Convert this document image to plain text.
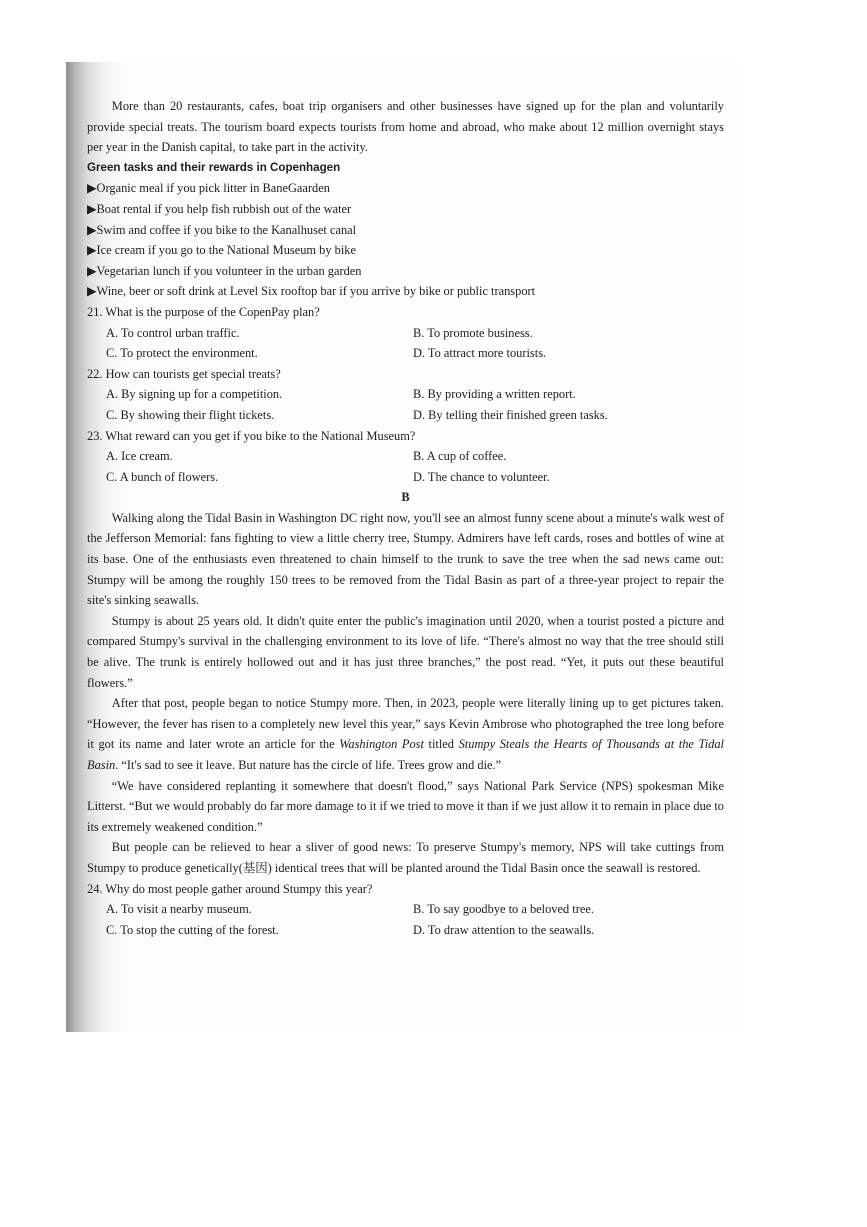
More than 20 restaurants, cafes, boat trip organisers and other businesses have signed up for the plan and voluntarily provide special treats. The tourism board expects tourists from home and abroad, who make about 12 million overnight stays per year in the Danish capital, to take part in the activity.

Green tasks and their rewards in Copenhagen

▶Organic meal if you pick litter in BaneGaarden

▶Boat rental if you help fish rubbish out of the water

▶Swim and coffee if you bike to the Kanalhuset canal

▶Ice cream if you go to the National Museum by bike

▶Vegetarian lunch if you volunteer in the urban garden

▶Wine, beer or soft drink at Level Six rooftop bar if you arrive by bike or public transport

21. What is the purpose of the CopenPay plan?

A. To control urban traffic.	B. To promote business.
C. To protect the environment.	D. To attract more tourists.

22. How can tourists get special treats?

A. By signing up for a competition.	B. By providing a written report.
C. By showing their flight tickets.	D. By telling their finished green tasks.

23. What reward can you get if you bike to the National Museum?

A. Ice cream.	B. A cup of coffee.
C. A bunch of flowers.	D. The chance to volunteer.

B

Walking along the Tidal Basin in Washington DC right now, you'll see an almost funny scene about a minute's walk west of the Jefferson Memorial: fans fighting to view a little cherry tree, Stumpy. Admirers have left cards, roses and bottles of wine at its base. One of the enthusiasts even threatened to chain himself to the trunk to save the tree when the sad news came out: Stumpy will be among the roughly 150 trees to be removed from the Tidal Basin as part of a three-year project to repair the site's sinking seawalls.

Stumpy is about 25 years old. It didn't quite enter the public's imagination until 2020, when a tourist posted a picture and compared Stumpy's survival in the challenging environment to its love of life. “There's almost no way that the tree should still be alive. The trunk is entirely hollowed out and it has just three branches,” the post read. “Yet, it puts out these beautiful flowers.”

After that post, people began to notice Stumpy more. Then, in 2023, people were literally lining up to get pictures taken. “However, the fever has risen to a completely new level this year,” says Kevin Ambrose who photographed the tree long before it got its name and later wrote an article for the Washington Post titled Stumpy Steals the Hearts of Thousands at the Tidal Basin. “It's sad to see it leave. But nature has the circle of life. Trees grow and die.”

“We have considered replanting it somewhere that doesn't flood,” says National Park Service (NPS) spokesman Mike Litterst. “But we would probably do far more damage to it if we tried to move it than if we just allow it to remain in place due to its extremely weakened condition.”

But people can be relieved to hear a sliver of good news: To preserve Stumpy's memory, NPS will take cuttings from Stumpy to produce genetically(基因) identical trees that will be planted around the Tidal Basin once the seawall is restored.

24. Why do most people gather around Stumpy this year?

A. To visit a nearby museum.	B. To say goodbye to a beloved tree.
C. To stop the cutting of the forest.	D. To draw attention to the seawalls.
